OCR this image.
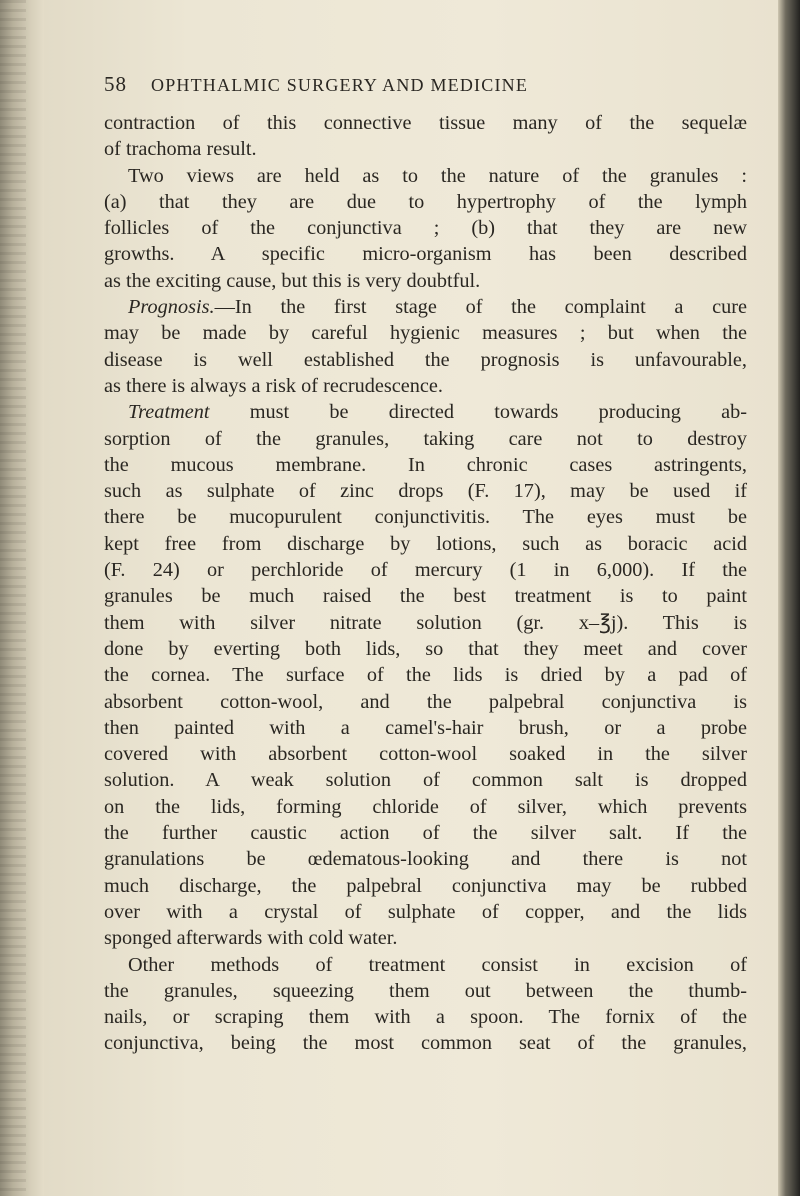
58 OPHTHALMIC SURGERY AND MEDICINE
contraction of this connective tissue many of the sequelæ
of trachoma result.
Two views are held as to the nature of the granules :
(a) that they are due to hypertrophy of the lymph
follicles of the conjunctiva ; (b) that they are new
growths. A specific micro-organism has been described
as the exciting cause, but this is very doubtful.
Prognosis.—In the first stage of the complaint a cure
may be made by careful hygienic measures ; but when the
disease is well established the prognosis is unfavourable,
as there is always a risk of recrudescence.
Treatment must be directed towards producing ab-
sorption of the granules, taking care not to destroy
the mucous membrane. In chronic cases astringents,
such as sulphate of zinc drops (F. 17), may be used if
there be mucopurulent conjunctivitis. The eyes must be
kept free from discharge by lotions, such as boracic acid
(F. 24) or perchloride of mercury (1 in 6,000). If the
granules be much raised the best treatment is to paint
them with silver nitrate solution (gr. x–℥j). This is
done by everting both lids, so that they meet and cover
the cornea. The surface of the lids is dried by a pad of
absorbent cotton-wool, and the palpebral conjunctiva is
then painted with a camel's-hair brush, or a probe
covered with absorbent cotton-wool soaked in the silver
solution. A weak solution of common salt is dropped
on the lids, forming chloride of silver, which prevents
the further caustic action of the silver salt. If the
granulations be œdematous-looking and there is not
much discharge, the palpebral conjunctiva may be rubbed
over with a crystal of sulphate of copper, and the lids
sponged afterwards with cold water.
Other methods of treatment consist in excision of
the granules, squeezing them out between the thumb-
nails, or scraping them with a spoon. The fornix of the
conjunctiva, being the most common seat of the granules,
